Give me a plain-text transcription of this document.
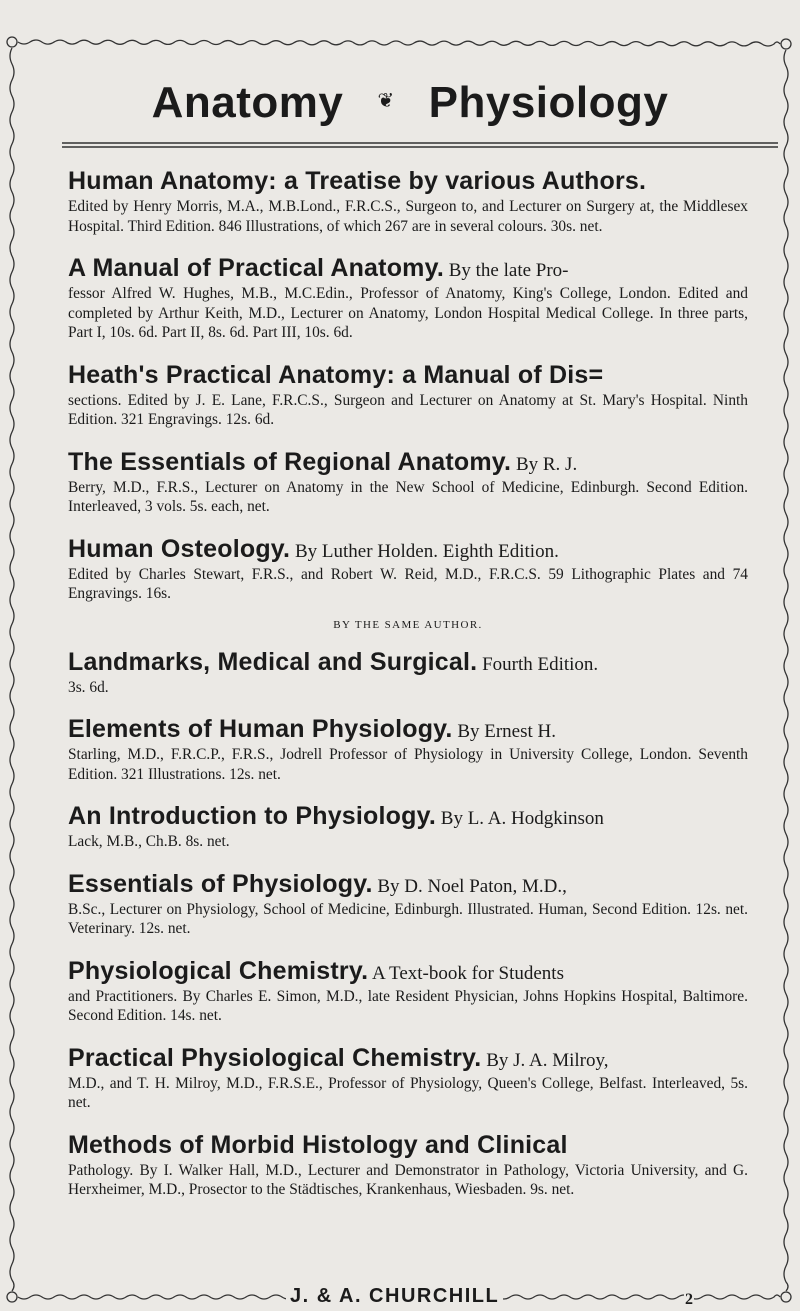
Anatomy ❦ Physiology
Human Anatomy: a Treatise by various Authors.
Edited by Henry Morris, M.A., M.B.Lond., F.R.C.S., Surgeon to, and Lecturer on Surgery at, the Middlesex Hospital. Third Edition. 846 Illustrations, of which 267 are in several colours. 30s. net.
A Manual of Practical Anatomy. By the late Pro-
fessor Alfred W. Hughes, M.B., M.C.Edin., Professor of Anatomy, King's College, London. Edited and completed by Arthur Keith, M.D., Lecturer on Anatomy, London Hospital Medical College. In three parts, Part I, 10s. 6d. Part II, 8s. 6d. Part III, 10s. 6d.
Heath's Practical Anatomy: a Manual of Dis=
sections. Edited by J. E. Lane, F.R.C.S., Surgeon and Lecturer on Anatomy at St. Mary's Hospital. Ninth Edition. 321 Engravings. 12s. 6d.
The Essentials of Regional Anatomy. By R. J.
Berry, M.D., F.R.S., Lecturer on Anatomy in the New School of Medicine, Edinburgh. Second Edition. Interleaved, 3 vols. 5s. each, net.
Human Osteology. By Luther Holden. Eighth Edition.
Edited by Charles Stewart, F.R.S., and Robert W. Reid, M.D., F.R.C.S. 59 Lithographic Plates and 74 Engravings. 16s.
BY THE SAME AUTHOR.
Landmarks, Medical and Surgical. Fourth Edition.
3s. 6d.
Elements of Human Physiology. By Ernest H.
Starling, M.D., F.R.C.P., F.R.S., Jodrell Professor of Physiology in University College, London. Seventh Edition. 321 Illustrations. 12s. net.
An Introduction to Physiology. By L. A. Hodgkinson
Lack, M.B., Ch.B. 8s. net.
Essentials of Physiology. By D. Noel Paton, M.D.,
B.Sc., Lecturer on Physiology, School of Medicine, Edinburgh. Illustrated. Human, Second Edition. 12s. net. Veterinary. 12s. net.
Physiological Chemistry. A Text-book for Students
and Practitioners. By Charles E. Simon, M.D., late Resident Physician, Johns Hopkins Hospital, Baltimore. Second Edition. 14s. net.
Practical Physiological Chemistry. By J. A. Milroy,
M.D., and T. H. Milroy, M.D., F.R.S.E., Professor of Physiology, Queen's College, Belfast. Interleaved, 5s. net.
Methods of Morbid Histology and Clinical
Pathology. By I. Walker Hall, M.D., Lecturer and Demonstrator in Pathology, Victoria University, and G. Herxheimer, M.D., Prosector to the Städtisches, Krankenhaus, Wiesbaden. 9s. net.
J. & A. CHURCHILL	2
